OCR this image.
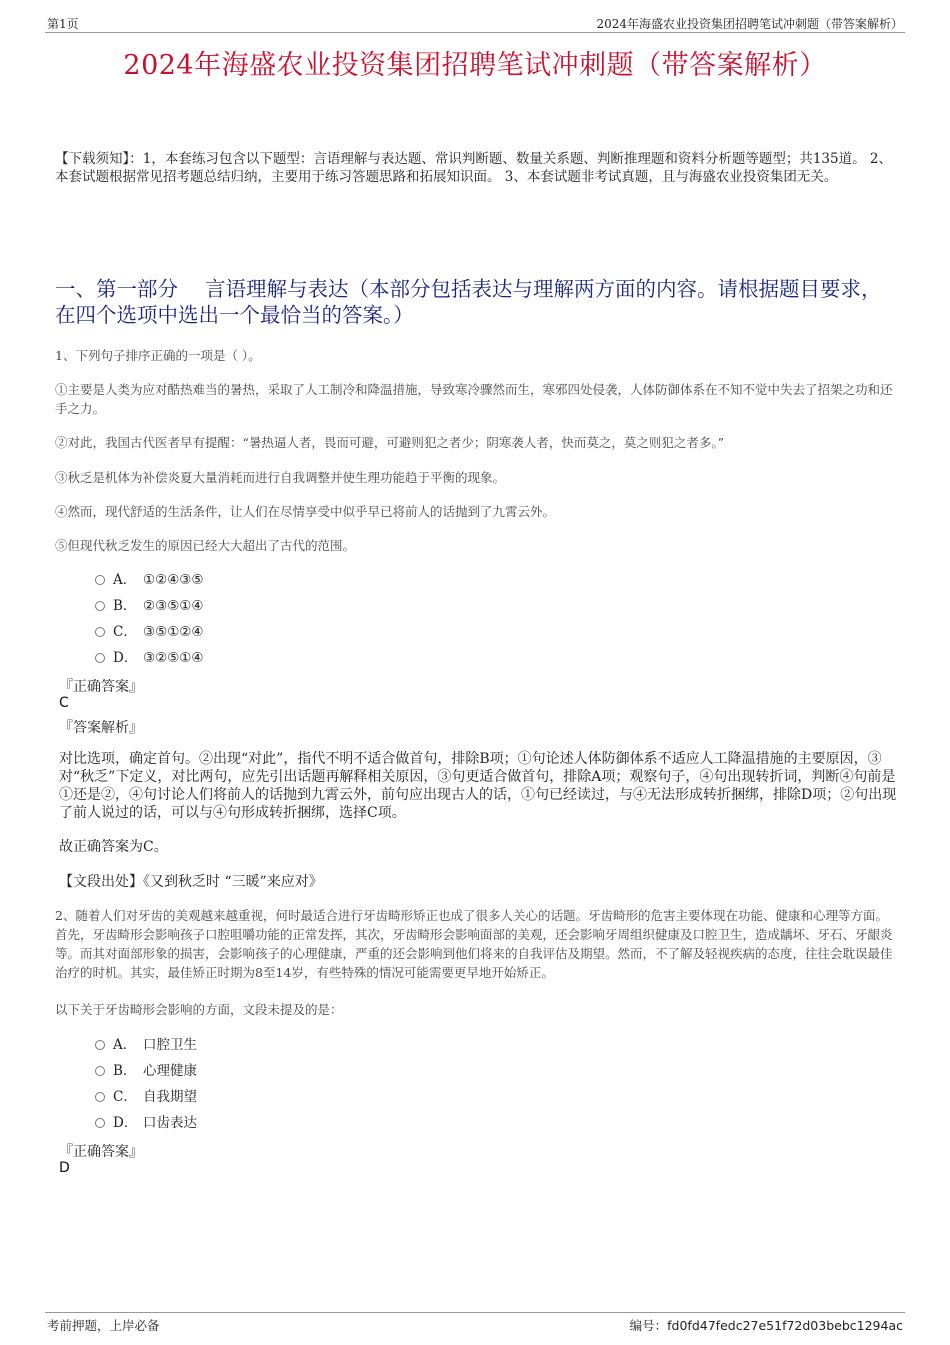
第1页	2024年海盛农业投资集团招聘笔试冲刺题（带答案解析）
2024年海盛农业投资集团招聘笔试冲刺题（带答案解析）
【下载须知】：1，本套练习包含以下题型：言语理解与表达题、常识判断题、数量关系题、判断推理题和资料分析题等题型；共135道。 2、本套试题根据常见招考题总结归纳，主要用于练习答题思路和拓展知识面。 3、本套试题非考试真题，且与海盛农业投资集团无关。
一、第一部分　 言语理解与表达（本部分包括表达与理解两方面的内容。请根据题目要求，在四个选项中选出一个最恰当的答案。）
1、下列句子排序正确的一项是（ ）。
①主要是人类为应对酷热难当的暑热，采取了人工制冷和降温措施，导致寒冷骤然而生，寒邪四处侵袭，人体防御体系在不知不觉中失去了招架之功和还手之力。
②对此，我国古代医者早有提醒：“暑热逼人者，畏而可避，可避则犯之者少；阴寒袭人者，快而莫之，莫之则犯之者多。”
③秋乏是机体为补偿炎夏大量消耗而进行自我调整并使生理功能趋于平衡的现象。
④然而，现代舒适的生活条件，让人们在尽情享受中似乎早已将前人的话抛到了九霄云外。
⑤但现代秋乏发生的原因已经大大超出了古代的范围。
A． ①②④③⑤
B． ②③⑤①④
C． ③⑤①②④
D． ③②⑤①④
『正确答案』
C
『答案解析』
对比选项，确定首句。②出现“对此”，指代不明不适合做首句，排除B项；①句论述人体防御体系不适应人工降温措施的主要原因，③对“秋乏”下定义，对比两句，应先引出话题再解释相关原因，③句更适合做首句，排除A项；观察句子，④句出现转折词，判断④句前是①还是②，④句讨论人们将前人的话抛到九霄云外，前句应出现古人的话，①句已经读过，与④无法形成转折捆绑，排除D项；②句出现了前人说过的话，可以与④句形成转折捆绑，选择C项。
故正确答案为C。
【文段出处】《又到秋乏时 “三暖”来应对》
2、随着人们对牙齿的美观越来越重视，何时最适合进行牙齿畸形矫正也成了很多人关心的话题。牙齿畸形的危害主要体现在功能、健康和心理等方面。首先，牙齿畸形会影响孩子口腔咀嚼功能的正常发挥，其次，牙齿畸形会影响面部的美观，还会影响牙周组织健康及口腔卫生，造成龋坏、牙石、牙龈炎等。而其对面部形象的损害，会影响孩子的心理健康，严重的还会影响到他们将来的自我评估及期望。然而，不了解及轻视疾病的态度，往往会耽误最佳治疗的时机。其实，最佳矫正时期为8至14岁，有些特殊的情况可能需要更早地开始矫正。
以下关于牙齿畸形会影响的方面，文段未提及的是：
A． 口腔卫生
B． 心理健康
C． 自我期望
D． 口齿表达
『正确答案』
D
考前押题，上岸必备	编号：fd0fd47fedc27e51f72d03bebc1294ac
